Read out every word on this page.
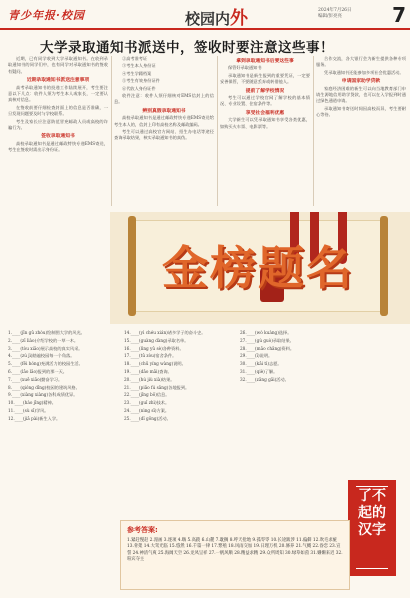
青少年报·校园	校园内外	2024年7月26日
编辑/彭亮亮	7
大学录取通知书派送中，签收时要注意这些事！

近期，已有同学收到大学录取通知书。在收到录取通知书的同学们中，也有同学对录取通知书的签收有疑问。

近期录取通知书派送注意事项

高考录取通知书的投递工作陆续展开，考生要注意以下几点：收件人须为考生本人或家长，一定要认真核对信息。

在签收前要仔细检查封面上的信息是否准确，一旦发现问题要及时与学校联系。

考生及家长应注意防范冒充邮政人员或高校的诈骗行为。

签收录取通知书

高校录取通知书是通过邮政特快专递EMS寄送，考生在签收时需出示身份证。

②高考准考证

③考生本人身份证

④考生学籍档案

⑤考生有效身份证件

⑥代收人身份证件

收件注意：收件人须仔细核对EMS信封上的信息。

辨别真假录取通知书

高校录取通知书是通过邮政特快专递EMS寄送给考生本人的，信封上印有高校名称及邮政编码。

考生可以通过高校官方网站、招生办电话等途径查询录取结果，核实录取通知书的真伪。

拿到录取通知书后要这些事

保管好录取通知书

录取通知书是新生报到的重要凭证，一定要妥善保管，不要随意丢弃或转借他人。

提前了解学校情况

考生可以通过学校官网了解学校的基本情况、专业设置、住宿条件等。

享受社会福利优惠

大学新生可以凭录取通知书享受各类优惠，如购买火车票、电影票等。

合作交流，各大银行会为新生提供各种专项服务。

凭录取通知书还能参加多项社会优惠活动。

申请国家助学贷款

家庭经济困难的新生可以向当地教育部门申请生源地信用助学贷款，也可以在入学报到时通过绿色通道申请。

录取通知书寄送时间因高校而异，考生要耐心等待。

金榜题名
1.____(jīn gǔ zhòu)绘制图大学的风光。
2.____(zī liào)介绍学校的一草一木。
3.____(tòu xiǎo)展示高校的真实风采。
4.____(zú jì)踏遍校园每一个角落。
5.____(fēi hóng)充满活力的校园生活。
6.____(lǎo lǎo)报到的那一天。
7.____(xuē xiǎo)勤奋学习。
8.____(qióng dǐng)校园的建筑风格。
9.____(xiàng xiàng)各科成绩优异。
10.____(hào jīng)精神。
11.____(sù sī)学风。
12.____(jiǎ pài)新生入学。
14.____(yì chéu xián)诸多学子的奋斗史。
15.____(guàng dàng)录取名单。
16.____(lìng yǔ sè)各种资料。
17.____(tǔ zòu)宿舍条件。
18.____(chū yíng wàng)说明。
19.____(dāo mǎi)查询。
20.____(hú jiù xià)结果。
21.____(piāo fú sāng)各地报到。
22.____(jǐng bō)信息。
23.____(guǐ zhì)技术。
24.____(nìng sī)方案。
25.____(dǐ gōng)活动。
26.____(wò kuàng)选择。
27.____(gù guò)录取结果。
28.____(mǎo chāng)资料。
29.____(ī)说明。
30.____(kǎi tì)志愿。
31.____(qiè)了解。
32.____(zǎng gǎi)活动。
了不起的汉字
参考答案:
1.紧赶慢赶 2.漫画 3.逐项 4.嗨 5.高跷 6.山麓 7.耽搁 8.呼天抢地 9.孤零零 10.长途跋涉 11.偏僻 12.吹毛求疵 13.骨架 14.大驾光临 15.悠然 16.千篇一律 17.繁殖 18.风雨交加 19.日理万机 20.修养 21.气概 22.眷恋 23.宣誓 24.神清气爽 25.海阔天空 26.龙凤呈祥 27.一帆风顺 28.精益求精 29.众所周知 30.绿草如茵 31.姗姗来迟 32.喧宾夺主
